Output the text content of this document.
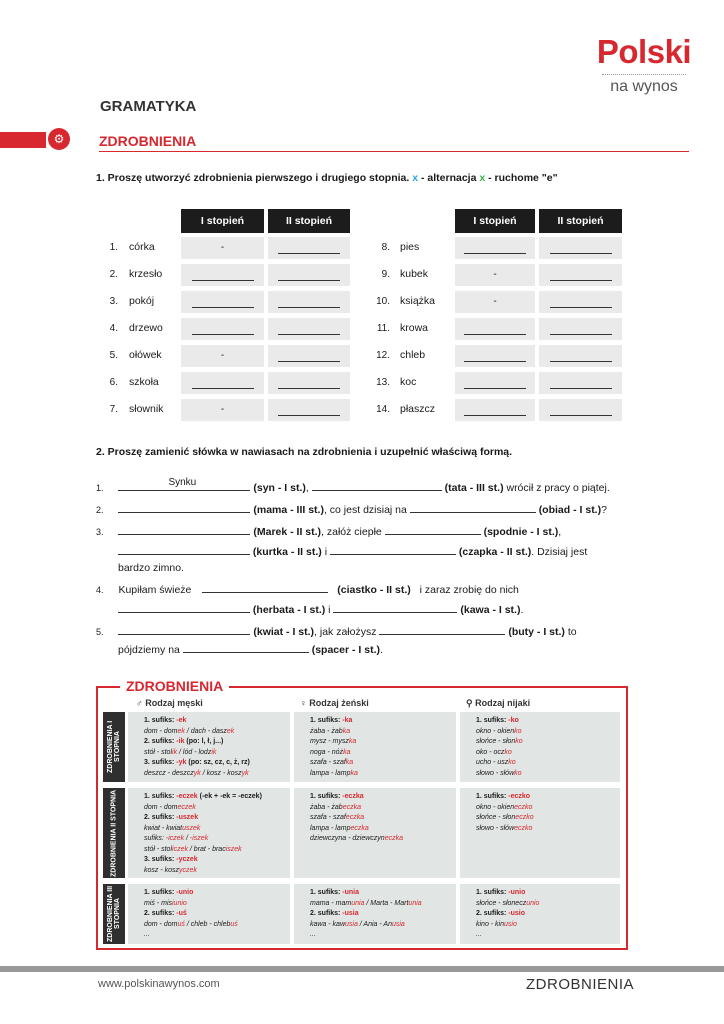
Polski
na wynos
GRAMATYKA
⚙	ZDROBNIENIA
1. Proszę utworzyć zdrobnienia pierwszego i drugiego stopnia. x - alternacja x - ruchome "e"
I stopień	II stopień	I stopień	II stopień
1. córka	-
2. krzesło
3. pokój
4. drzewo
5. ołówek	-
6. szkoła
7. słownik	-
8. pies
9. kubek	-
10. książka	-
11. krowa
12. chleb
13. koc
14. płaszcz
2. Proszę zamienić słówka w nawiasach na zdrobnienia i uzupełnić właściwą formą.
1.	Synku	(syn - I st.),	(tata - III st.) wrócił z pracy o piątej.
2.	(mama - III st.), co jest dzisiaj na	(obiad - I st.)?
3.	(Marek - II st.), załóż ciepłe	(spodnie - I st.),
(kurtka - II st.) i	(czapka - II st.). Dzisiaj jest
bardzo zimno.
4. Kupiłam świeże	(ciastko - II st.) i zaraz zrobię do nich
(herbata - I st.) i	(kawa - I st.).
5.	(kwiat - I st.), jak założysz	(buty - I st.) to
pójdziemy na	(spacer - I st.).
ZDROBNIENIA
♂ Rodzaj męski	♀ Rodzaj żeński	⚲ Rodzaj nijaki
ZDROBNIENIA I STOPNIA
ZDROBNIENIA II STOPNIA
ZDROBNIENIA III STOPNIA
1. sufiks: -ek
dom - domek / dach - daszek
2. sufiks: -ik (po: l, ł, j...)
stół - stolik / lód - lodzik
3. sufiks: -yk (po: sz, cz, c, ż, rz)
deszcz - deszczyk / kosz - koszyk
1. sufiks: -ka
żaba - żabka
mysz - myszka
noga - nóżka
szafa - szafka
lampa - lampka
1. sufiks: -ko
okno - okienko
słońce - słonko
oko - oczko
ucho - uszko
słowo - słówko
1. sufiks: -eczek (-ek + -ek = -eczek)
dom - domeczek
2. sufiks: -uszek
kwiat - kwiatuszek
sufiks: -iczek / -iszek
stół - stoliczek / brat - braciszek
3. sufiks: -yczek
kosz - koszyczek
1. sufiks: -eczka
żaba - żabeczka
szafa - szafeczka
lampa - lampeczka
dziewczyna - dziewczyneczka
1. sufiks: -eczko
okno - okieneczko
słońce - słoneczko
słowo - słóweczko
1. sufiks: -unio
miś - misiunio
2. sufiks: -uś
dom - domuś / chleb - chlebuś
...
1. sufiks: -unia
mama - mamunia / Marta - Martunia
2. sufiks: -usia
kawa - kawusia / Ania - Anusia
...
1. sufiks: -unio
słońce - słoneczunio
2. sufiks: -usio
kino - kinusio
...
www.polskinawynos.com	ZDROBNIENIA
